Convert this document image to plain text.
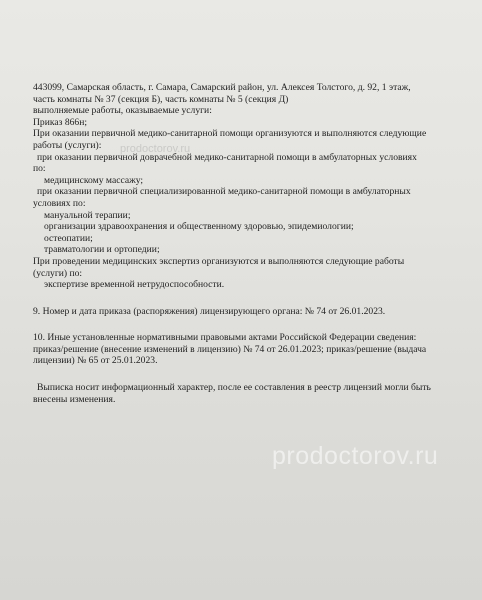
443099, Самарская область, г. Самара, Самарский район, ул. Алексея Толстого, д. 92, 1 этаж,
часть комнаты № 37 (секция Б), часть комнаты № 5 (секция Д)
выполняемые работы, оказываемые услуги:
Приказ 866н;
При оказании первичной медико-санитарной помощи организуются и выполняются следующие
работы (услуги):
при оказании первичной доврачебной медико-санитарной помощи в амбулаторных условиях
по:
медицинскому массажу;
при оказании первичной специализированной медико-санитарной помощи в амбулаторных
условиях по:
мануальной терапии;
организации здравоохранения и общественному здоровью, эпидемиологии;
остеопатии;
травматологии и ортопедии;
При проведении медицинских экспертиз организуются и выполняются следующие работы
(услуги) по:
экспертизе временной нетрудоспособности.
9. Номер и дата приказа (распоряжения) лицензирующего органа: № 74 от 26.01.2023.
10. Иные установленные нормативными правовыми актами Российской Федерации сведения:
приказ/решение (внесение изменений в лицензию) № 74 от 26.01.2023; приказ/решение (выдача
лицензии) № 65 от 25.01.2023.
Выписка носит информационный характер, после ее составления в реестр лицензий могли быть
внесены изменения.
prodoctorov.ru
prodoctorov.ru
